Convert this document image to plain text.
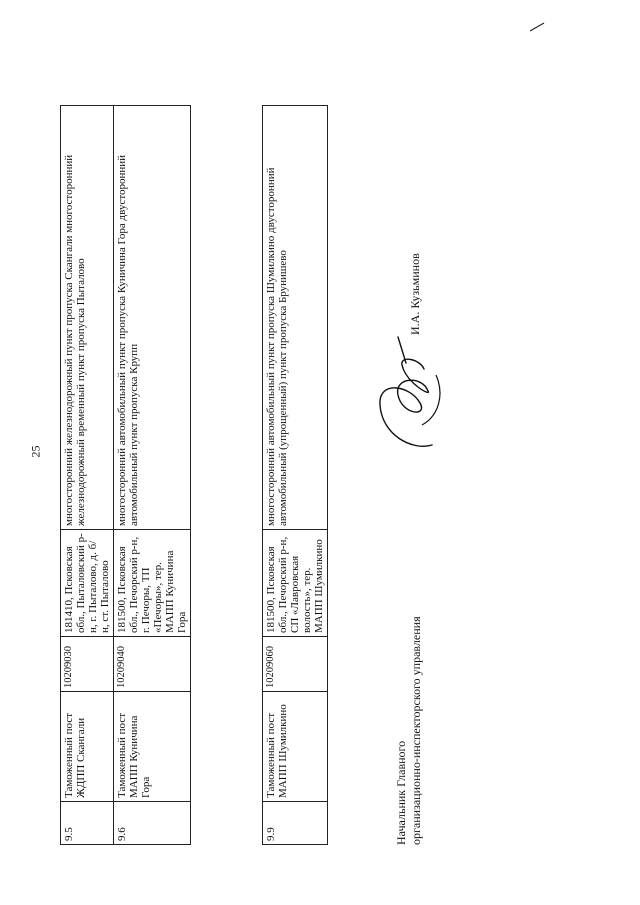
25
9.5	Таможенный пост ЖДПП Скангали	10209030	181410, Псковская обл., Пыталовский р-н, г. Пыталово, д. б/н, ст. Пыталово	многосторонний железнодорожный пункт пропуска Скангали многосторонний железнодорожный временный пункт пропуска Пыталово
9.6	Таможенный пост МАПП Куничина Гора	10209040	181500, Псковская обл., Печорский р-н, г. Печоры, ТП «Печоры», тер. МАПП Куничина Гора	многосторонний автомобильный пункт пропуска Куничина Гора двусторонний автомобильный пункт пропуска Крупп
9.9	Таможенный пост МАПП Шумилкино	10209060	181500, Псковская обл., Печорский р-н, СП «Лавровская волость», тер. МАПП Шумилкино	многосторонний автомобильный пункт пропуска Шумилкино двусторонний автомобильный (упрощенный) пункт пропуска Брунишево
Начальник Главного организационно-инспекторского управления
И.А. Кузьминов
